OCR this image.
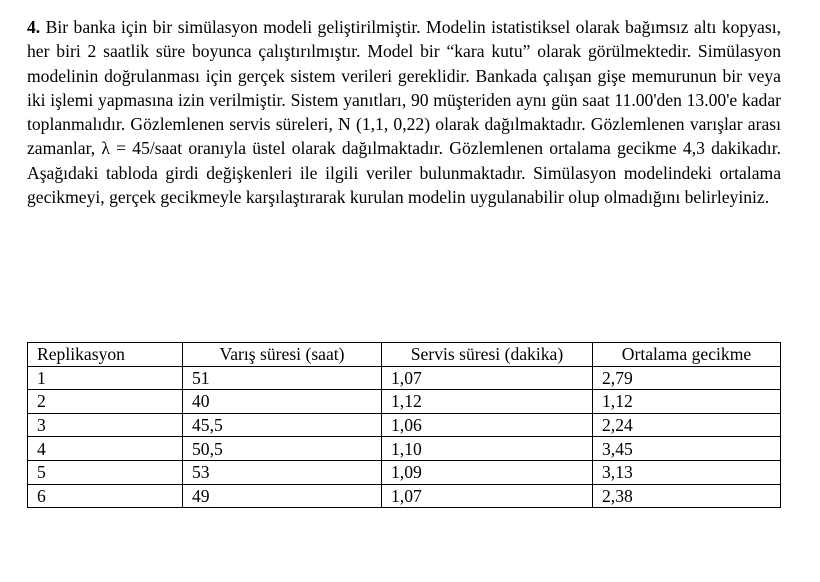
4. Bir banka için bir simülasyon modeli geliştirilmiştir. Modelin istatistiksel olarak bağımsız altı kopyası, her biri 2 saatlik süre boyunca çalıştırılmıştır. Model bir “kara kutu” olarak görülmektedir. Simülasyon modelinin doğrulanması için gerçek sistem verileri gereklidir. Bankada çalışan gişe memurunun bir veya iki işlemi yapmasına izin verilmiştir. Sistem yanıtları, 90 müşteriden aynı gün saat 11.00'den 13.00'e kadar toplanmalıdır. Gözlemlenen servis süreleri, N (1,1, 0,22) olarak dağılmaktadır. Gözlemlenen varışlar arası zamanlar, λ = 45/saat oranıyla üstel olarak dağılmaktadır. Gözlemlenen ortalama gecikme 4,3 dakikadır. Aşağıdaki tabloda girdi değişkenleri ile ilgili veriler bulunmaktadır. Simülasyon modelindeki ortalama gecikmeyi, gerçek gecikmeyle karşılaştırarak kurulan modelin uygulanabilir olup olmadığını belirleyiniz.

Replikasyon	Varış süresi (saat)	Servis süresi (dakika)	Ortalama gecikme
1	51	1,07	2,79
2	40	1,12	1,12
3	45,5	1,06	2,24
4	50,5	1,10	3,45
5	53	1,09	3,13
6	49	1,07	2,38
